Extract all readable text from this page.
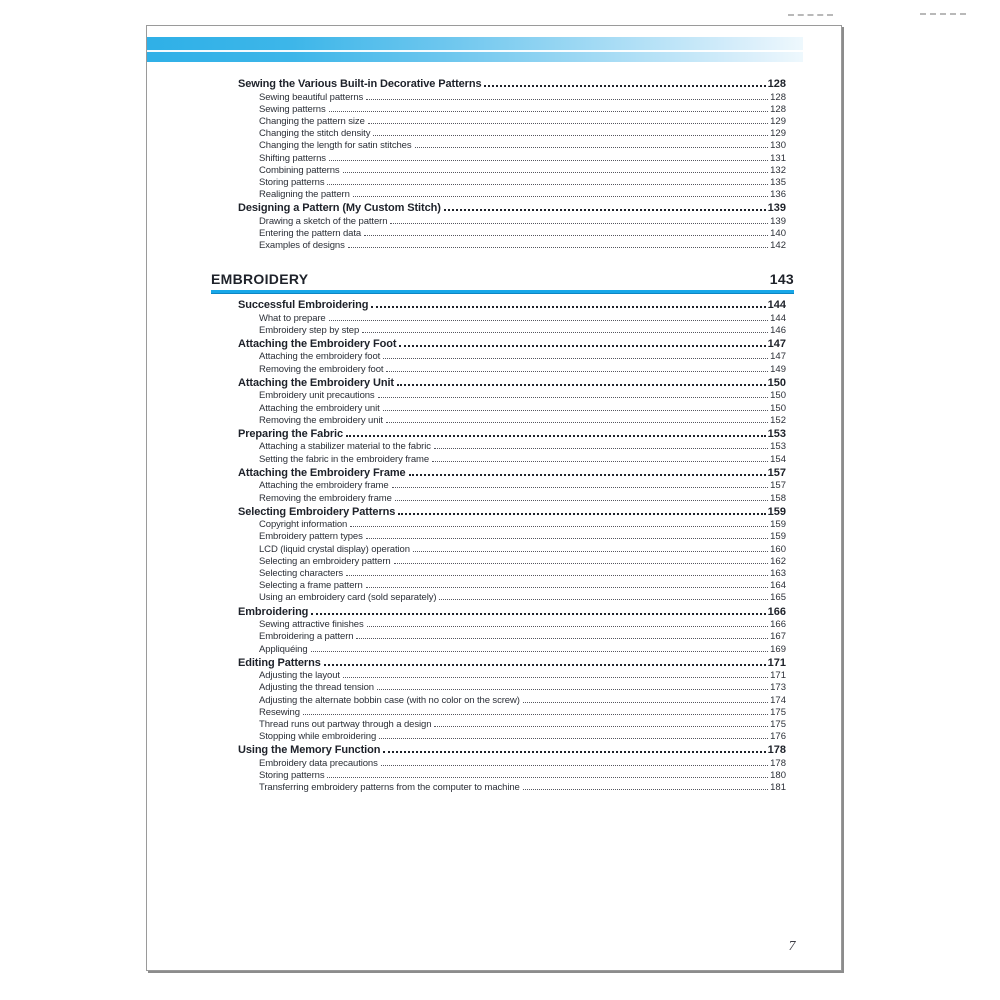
Sewing the Various Built-in Decorative Patterns	128
Sewing beautiful patterns	128
Sewing patterns	128
Changing the pattern size	129
Changing the stitch density	129
Changing the length for satin stitches	130
Shifting patterns	131
Combining patterns	132
Storing patterns	135
Realigning the pattern	136
Designing a Pattern (My Custom Stitch)	139
Drawing a sketch of the pattern	139
Entering the pattern data	140
Examples of designs	142
EMBROIDERY	143
Successful Embroidering	144
What to prepare	144
Embroidery step by step	146
Attaching the Embroidery Foot	147
Attaching the embroidery foot	147
Removing the embroidery foot	149
Attaching the Embroidery Unit	150
Embroidery unit precautions	150
Attaching the embroidery unit	150
Removing the embroidery unit	152
Preparing the Fabric	153
Attaching a stabilizer material to the fabric	153
Setting the fabric in the embroidery frame	154
Attaching the Embroidery Frame	157
Attaching the embroidery frame	157
Removing the embroidery frame	158
Selecting Embroidery Patterns	159
Copyright information	159
Embroidery pattern types	159
LCD (liquid crystal display) operation	160
Selecting an embroidery pattern	162
Selecting characters	163
Selecting a frame pattern	164
Using an embroidery card (sold separately)	165
Embroidering	166
Sewing attractive finishes	166
Embroidering a pattern	167
Appliquéing	169
Editing Patterns	171
Adjusting the layout	171
Adjusting the thread tension	173
Adjusting the alternate bobbin case (with no color on the screw)	174
Resewing	175
Thread runs out partway through a design	175
Stopping while embroidering	176
Using the Memory Function	178
Embroidery data precautions	178
Storing patterns	180
Transferring embroidery patterns from the computer to machine	181
7
